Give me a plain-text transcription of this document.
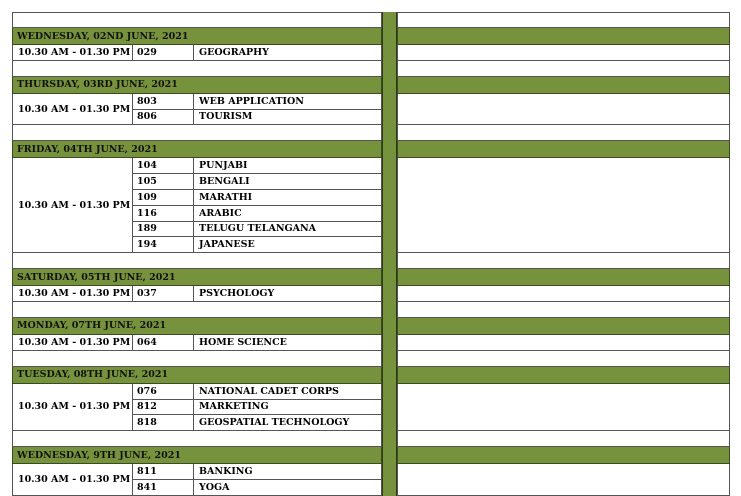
WEDNESDAY, 02ND JUNE, 2021
10.30 AM - 01.30 PM 029	GEOGRAPHY
THURSDAY, 03RD JUNE, 2021
10.30 AM - 01.30 PM
803	WEB APPLICATION
806	TOURISM
FRIDAY, 04TH JUNE, 2021
10.30 AM - 01.30 PM
104	PUNJABI
105	BENGALI
109	MARATHI
116	ARABIC
189	TELUGU TELANGANA
194	JAPANESE
SATURDAY, 05TH JUNE, 2021
10.30 AM - 01.30 PM 037	PSYCHOLOGY
MONDAY, 07TH JUNE, 2021
10.30 AM - 01.30 PM 064	HOME SCIENCE
TUESDAY, 08TH JUNE, 2021
10.30 AM - 01.30 PM
076	NATIONAL CADET CORPS
812	MARKETING
818	GEOSPATIAL TECHNOLOGY
WEDNESDAY, 9TH JUNE, 2021
10.30 AM - 01.30 PM
811	BANKING
841	YOGA
